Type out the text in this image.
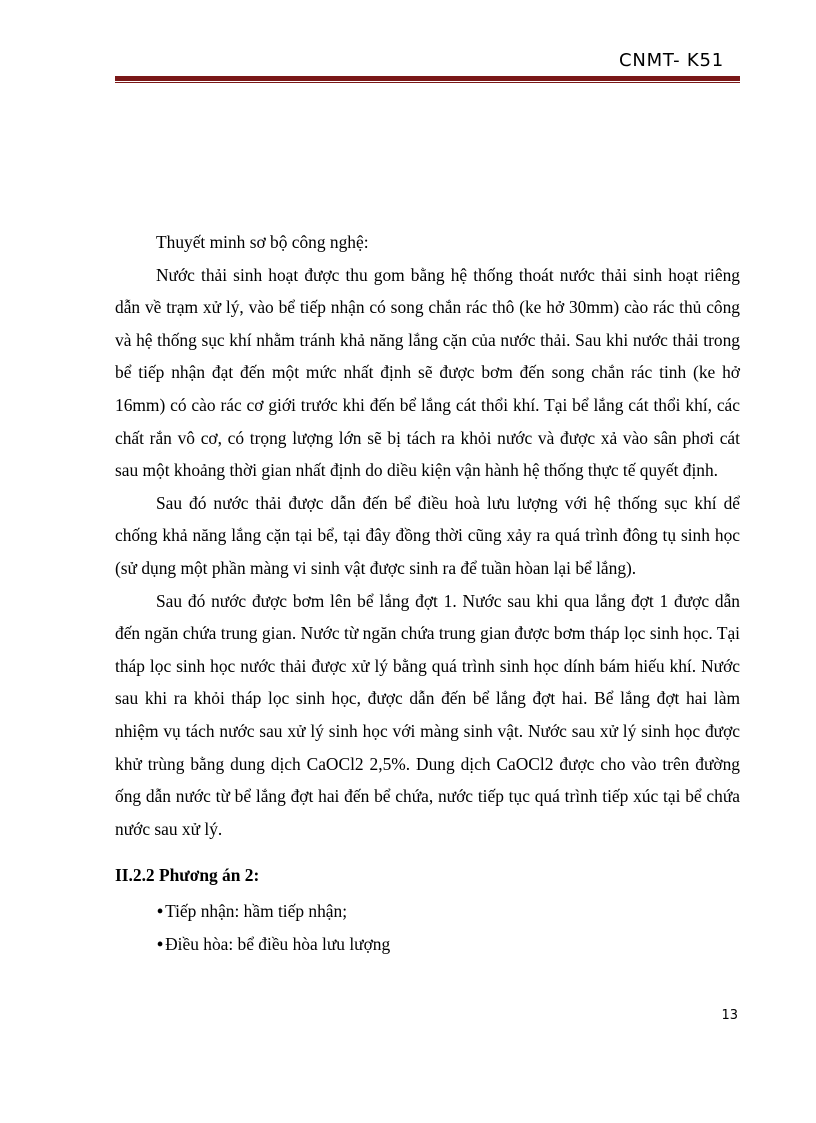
CNMT- K51

Thuyết minh sơ bộ công nghệ:

Nước thải sinh hoạt được thu gom bằng hệ thống thoát nước thải sinh hoạt riêng dẫn về trạm xử lý, vào bể tiếp nhận có song chắn rác thô (ke hở 30mm) cào rác thủ công và hệ thống sục khí nhằm tránh khả năng lắng cặn của nước thải. Sau khi nước thải trong bể tiếp nhận đạt đến một mức nhất định sẽ được bơm đến song chắn rác tinh (ke hở 16mm) có cào rác cơ giới trước khi đến bể lắng cát thổi khí. Tại bể lắng cát thổi khí, các chất rắn vô cơ, có trọng lượng lớn sẽ bị tách ra khỏi nước và được xả vào sân phơi cát sau một khoảng thời gian nhất định do diều kiện vận hành hệ thống thực tế quyết định.

Sau đó nước thải được dẫn đến bể điều hoà lưu lượng với hệ thống sục khí dể chống khả năng lắng cặn tại bể, tại đây đồng thời cũng xảy ra quá trình đông tụ sinh học (sử dụng một phần màng vi sinh vật được sinh ra để tuần hòan lại bể lắng).

Sau đó nước được bơm lên bể lắng đợt 1. Nước sau khi qua lắng đợt 1 được dẫn đến ngăn chứa trung gian. Nước từ ngăn chứa trung gian được bơm tháp lọc sinh học. Tại tháp lọc sinh học nước thải được xử lý bằng quá trình sinh học dính bám hiếu khí. Nước sau khi ra khỏi tháp lọc sinh học, được dẫn đến bể lắng đợt hai. Bể lắng đợt hai làm nhiệm vụ tách nước sau xử lý sinh học với màng sinh vật. Nước sau xử lý sinh học được khử trùng bằng dung dịch CaOCl2 2,5%. Dung dịch CaOCl2 được cho vào trên đường ống dẫn nước từ bể lắng đợt hai đến bể chứa, nước tiếp tục quá trình tiếp xúc tại bể chứa nước sau xử lý.

II.2.2 Phương án 2:

• Tiếp nhận: hầm tiếp nhận;

• Điều hòa: bể điều hòa lưu lượng

13
